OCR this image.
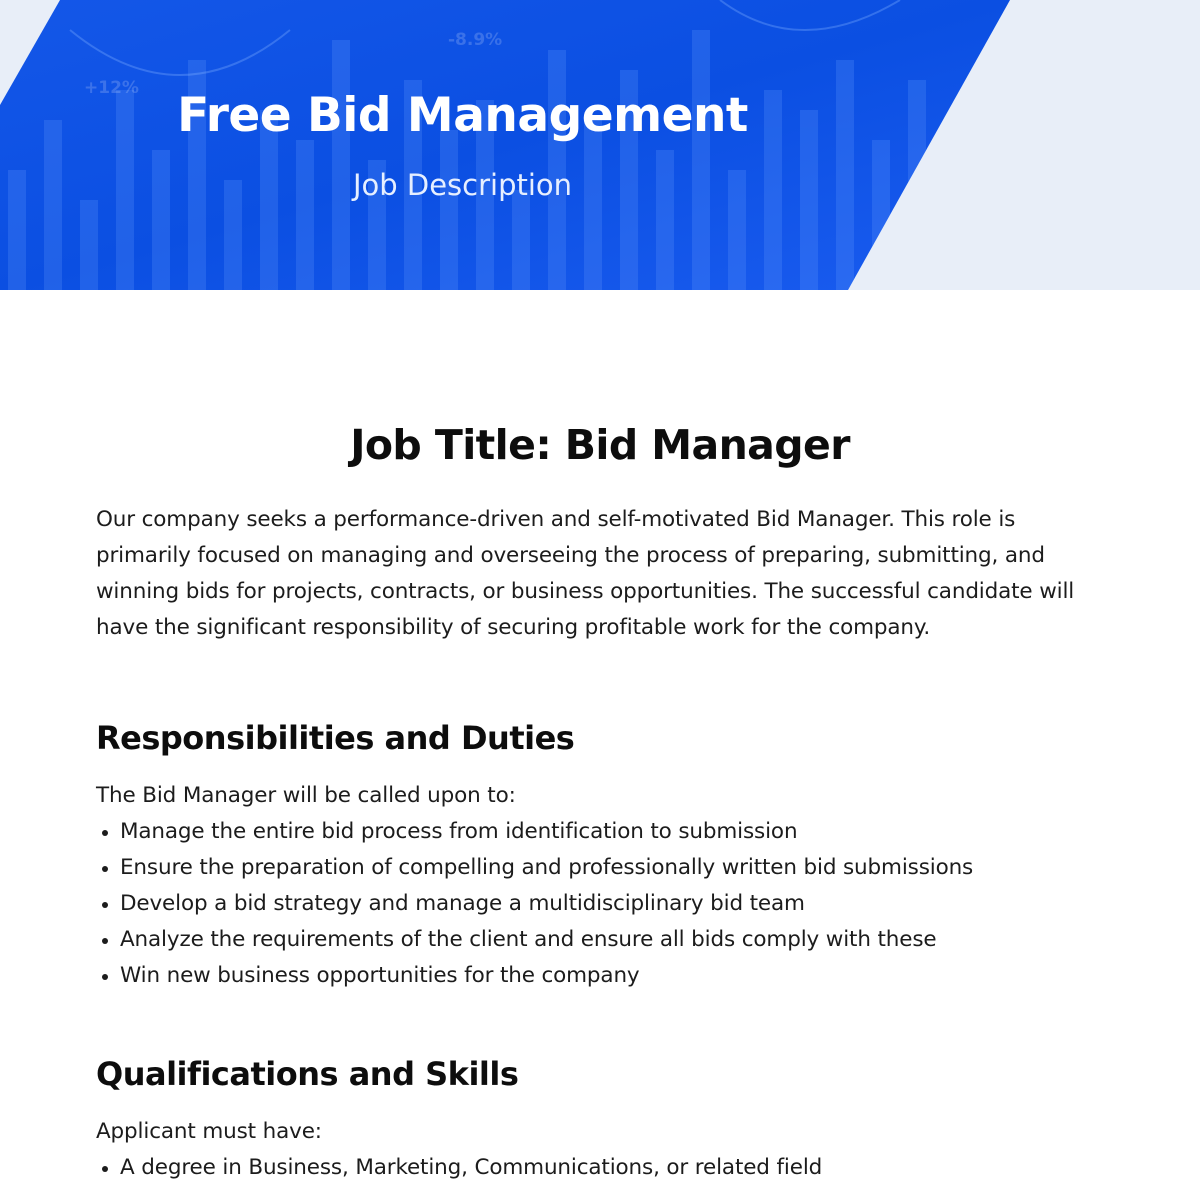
+12%
-8.9%
Free Bid Management
Job Description
Job Title: Bid Manager

Our company seeks a performance-driven and self-motivated Bid Manager. This role is primarily focused on managing and overseeing the process of preparing, submitting, and winning bids for projects, contracts, or business opportunities. The successful candidate will have the significant responsibility of securing profitable work for the company.

Responsibilities and Duties

The Bid Manager will be called upon to:

Manage the entire bid process from identification to submission
Ensure the preparation of compelling and professionally written bid submissions
Develop a bid strategy and manage a multidisciplinary bid team
Analyze the requirements of the client and ensure all bids comply with these
Win new business opportunities for the company
Qualifications and Skills

Applicant must have:

A degree in Business, Marketing, Communications, or related field
